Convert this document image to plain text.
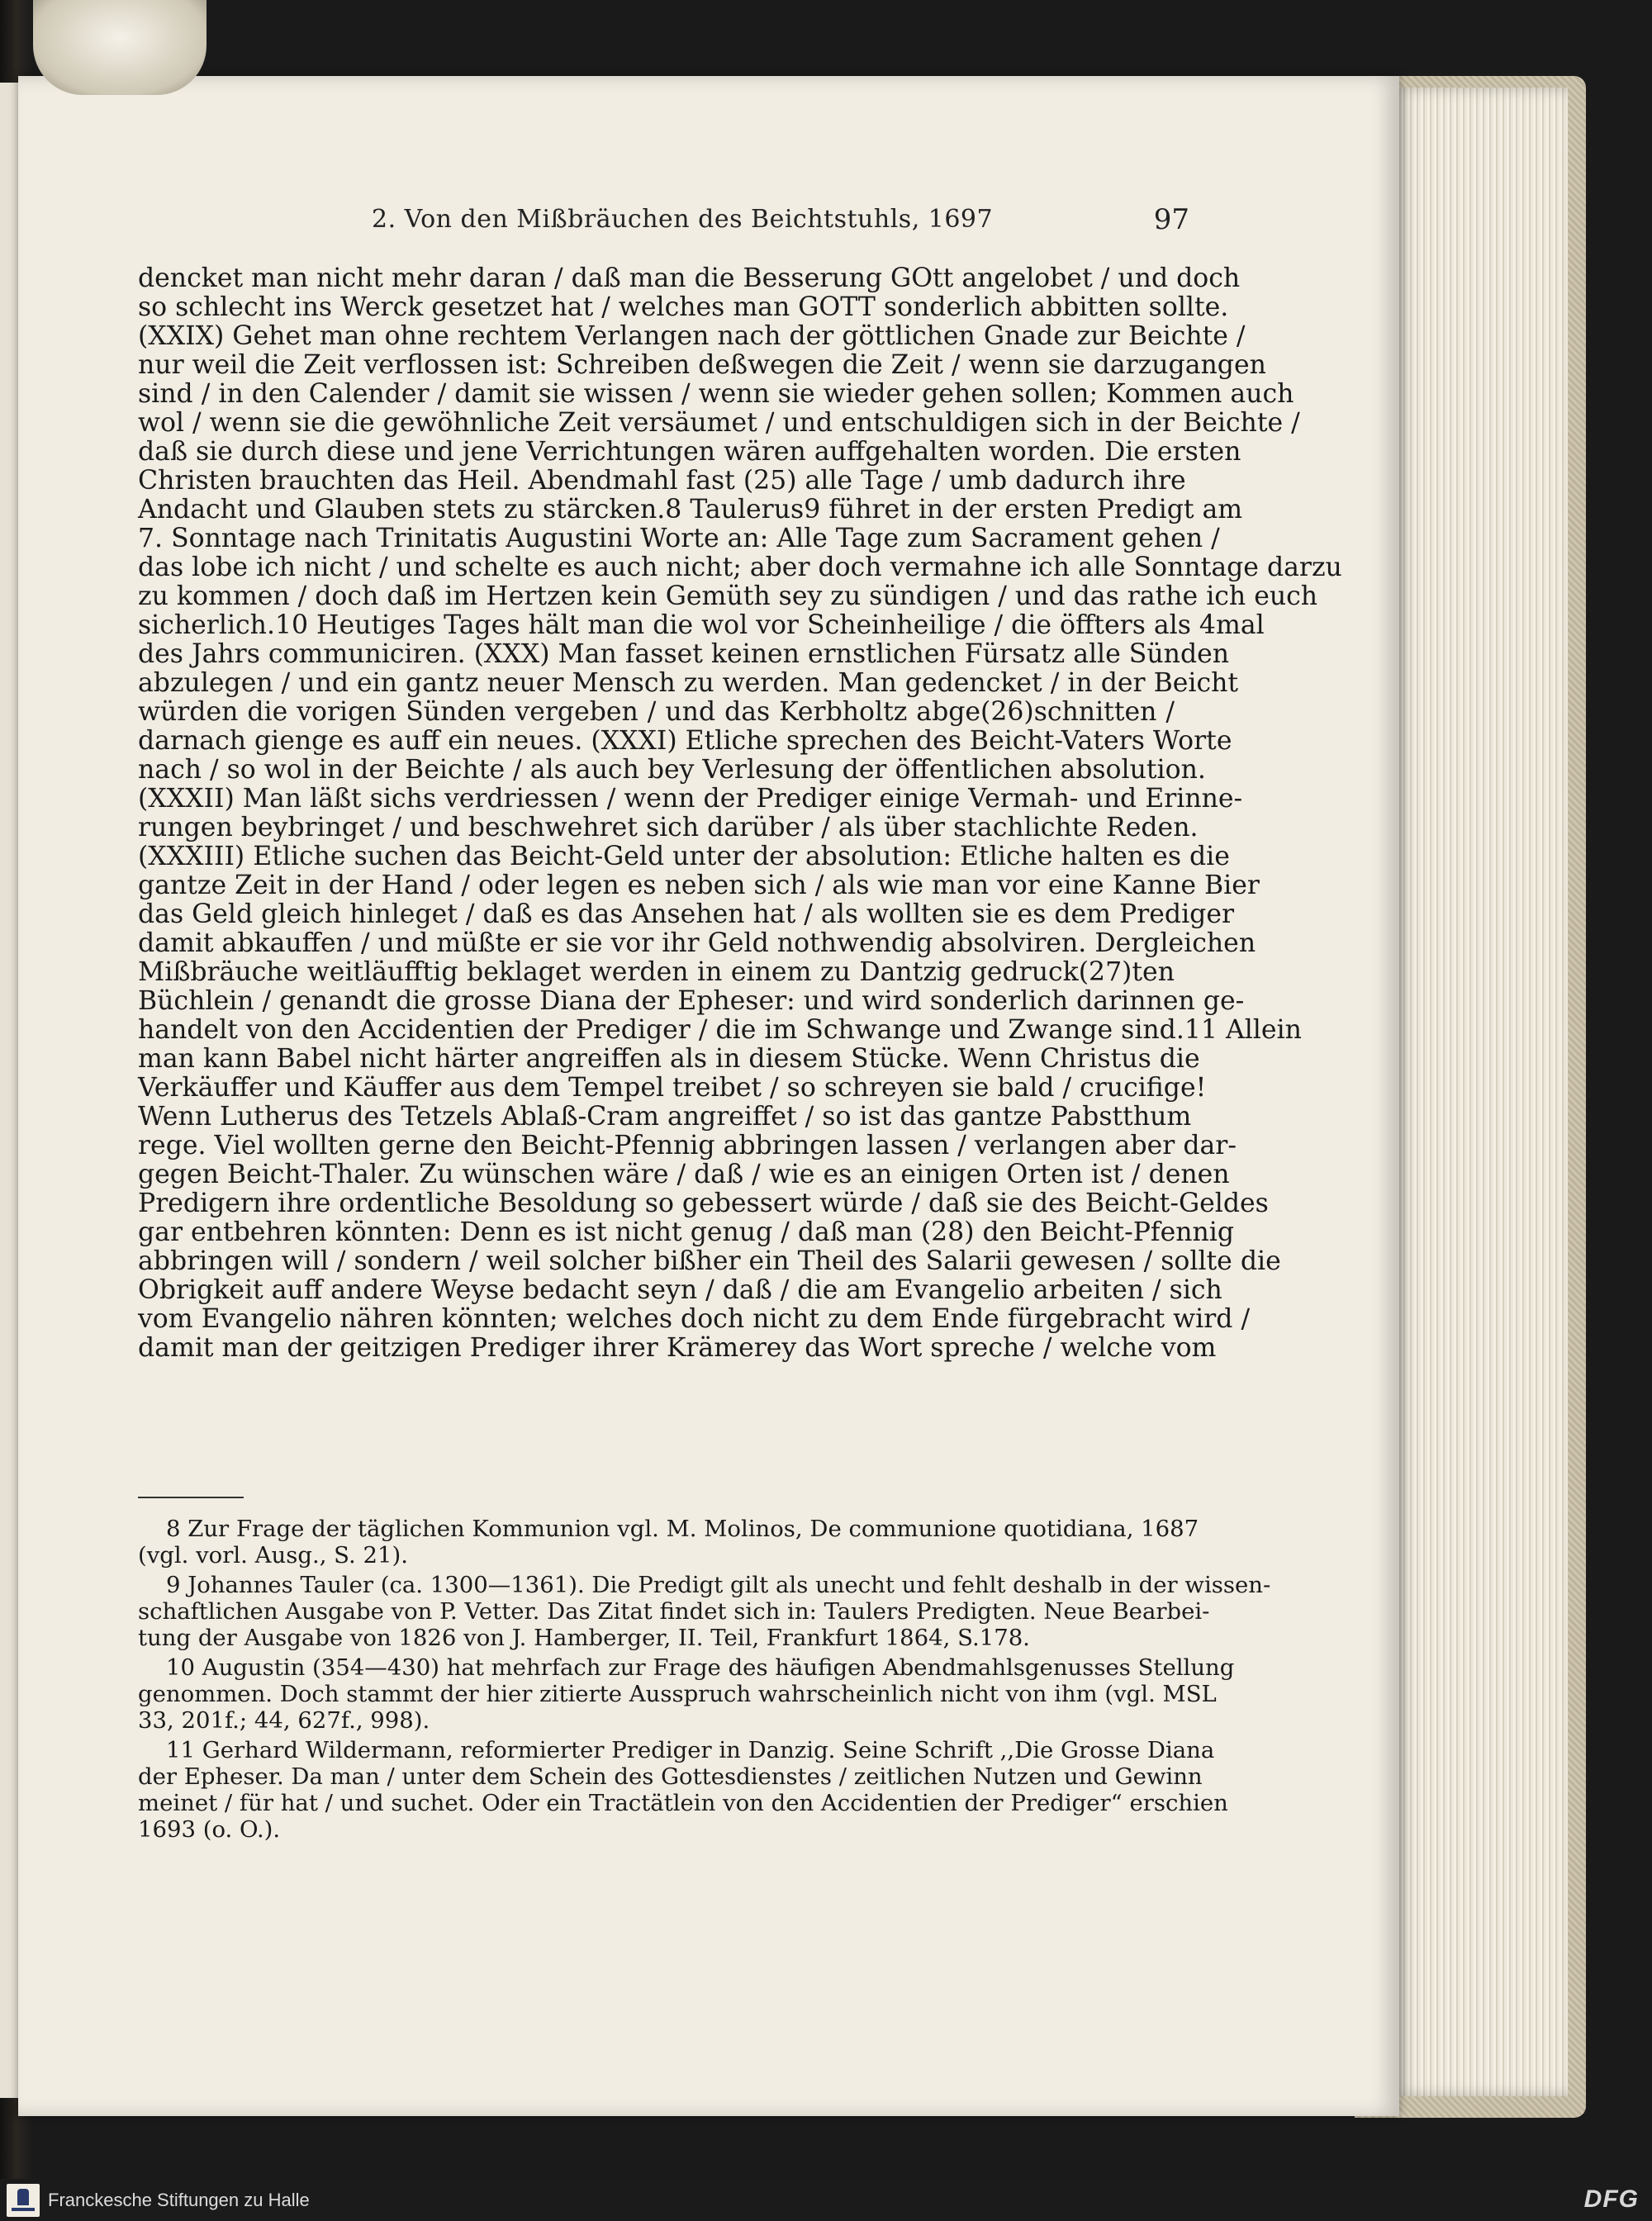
2. Von den Mißbräuchen des Beichtstuhls, 1697	97
dencket man nicht mehr daran / daß man die Besserung GOtt angelobet / und doch
so schlecht ins Werck gesetzet hat / welches man GOTT sonderlich abbitten sollte.
(XXIX) Gehet man ohne rechtem Verlangen nach der göttlichen Gnade zur Beichte /
nur weil die Zeit verflossen ist: Schreiben deßwegen die Zeit / wenn sie darzugangen
sind / in den Calender / damit sie wissen / wenn sie wieder gehen sollen; Kommen auch
wol / wenn sie die gewöhnliche Zeit versäumet / und entschuldigen sich in der Beichte /
daß sie durch diese und jene Verrichtungen wären auffgehalten worden. Die ersten
Christen brauchten das Heil. Abendmahl fast (25) alle Tage / umb dadurch ihre
Andacht und Glauben stets zu stärcken.8 Taulerus9 führet in der ersten Predigt am
7. Sonntage nach Trinitatis Augustini Worte an: Alle Tage zum Sacrament gehen /
das lobe ich nicht / und schelte es auch nicht; aber doch vermahne ich alle Sonntage darzu
zu kommen / doch daß im Hertzen kein Gemüth sey zu sündigen / und das rathe ich euch
sicherlich.10 Heutiges Tages hält man die wol vor Scheinheilige / die öffters als 4mal
des Jahrs communiciren. (XXX) Man fasset keinen ernstlichen Fürsatz alle Sünden
abzulegen / und ein gantz neuer Mensch zu werden. Man gedencket / in der Beicht
würden die vorigen Sünden vergeben / und das Kerbholtz abge(26)schnitten /
darnach gienge es auff ein neues. (XXXI) Etliche sprechen des Beicht-Vaters Worte
nach / so wol in der Beichte / als auch bey Verlesung der öffentlichen absolution.
(XXXII) Man läßt sichs verdriessen / wenn der Prediger einige Vermah- und Erinne-
rungen beybringet / und beschwehret sich darüber / als über stachlichte Reden.
(XXXIII) Etliche suchen das Beicht-Geld unter der absolution: Etliche halten es die
gantze Zeit in der Hand / oder legen es neben sich / als wie man vor eine Kanne Bier
das Geld gleich hinleget / daß es das Ansehen hat / als wollten sie es dem Prediger
damit abkauffen / und müßte er sie vor ihr Geld nothwendig absolviren. Dergleichen
Mißbräuche weitläufftig beklaget werden in einem zu Dantzig gedruck(27)ten
Büchlein / genandt die grosse Diana der Epheser: und wird sonderlich darinnen ge-
handelt von den Accidentien der Prediger / die im Schwange und Zwange sind.11 Allein
man kann Babel nicht härter angreiffen als in diesem Stücke. Wenn Christus die
Verkäuffer und Käuffer aus dem Tempel treibet / so schreyen sie bald / crucifige!
Wenn Lutherus des Tetzels Ablaß-Cram angreiffet / so ist das gantze Pabstthum
rege. Viel wollten gerne den Beicht-Pfennig abbringen lassen / verlangen aber dar-
gegen Beicht-Thaler. Zu wünschen wäre / daß / wie es an einigen Orten ist / denen
Predigern ihre ordentliche Besoldung so gebessert würde / daß sie des Beicht-Geldes
gar entbehren könnten: Denn es ist nicht genug / daß man (28) den Beicht-Pfennig
abbringen will / sondern / weil solcher bißher ein Theil des Salarii gewesen / sollte die
Obrigkeit auff andere Weyse bedacht seyn / daß / die am Evangelio arbeiten / sich
vom Evangelio nähren könnten; welches doch nicht zu dem Ende fürgebracht wird /
damit man der geitzigen Prediger ihrer Krämerey das Wort spreche / welche vom
8 Zur Frage der täglichen Kommunion vgl. M. Molinos, De communione quotidiana, 1687
(vgl. vorl. Ausg., S. 21).
9 Johannes Tauler (ca. 1300—1361). Die Predigt gilt als unecht und fehlt deshalb in der wissen-
schaftlichen Ausgabe von P. Vetter. Das Zitat findet sich in: Taulers Predigten. Neue Bearbei-
tung der Ausgabe von 1826 von J. Hamberger, II. Teil, Frankfurt 1864, S.178.
10 Augustin (354—430) hat mehrfach zur Frage des häufigen Abendmahlsgenusses Stellung
genommen. Doch stammt der hier zitierte Ausspruch wahrscheinlich nicht von ihm (vgl. MSL
33, 201f.; 44, 627f., 998).
11 Gerhard Wildermann, reformierter Prediger in Danzig. Seine Schrift ,,Die Grosse Diana
der Epheser. Da man / unter dem Schein des Gottesdienstes / zeitlichen Nutzen und Gewinn
meinet / für hat / und suchet. Oder ein Tractätlein von den Accidentien der Prediger“ erschien
1693 (o. O.).
Franckesche Stiftungen zu Halle	DFG
